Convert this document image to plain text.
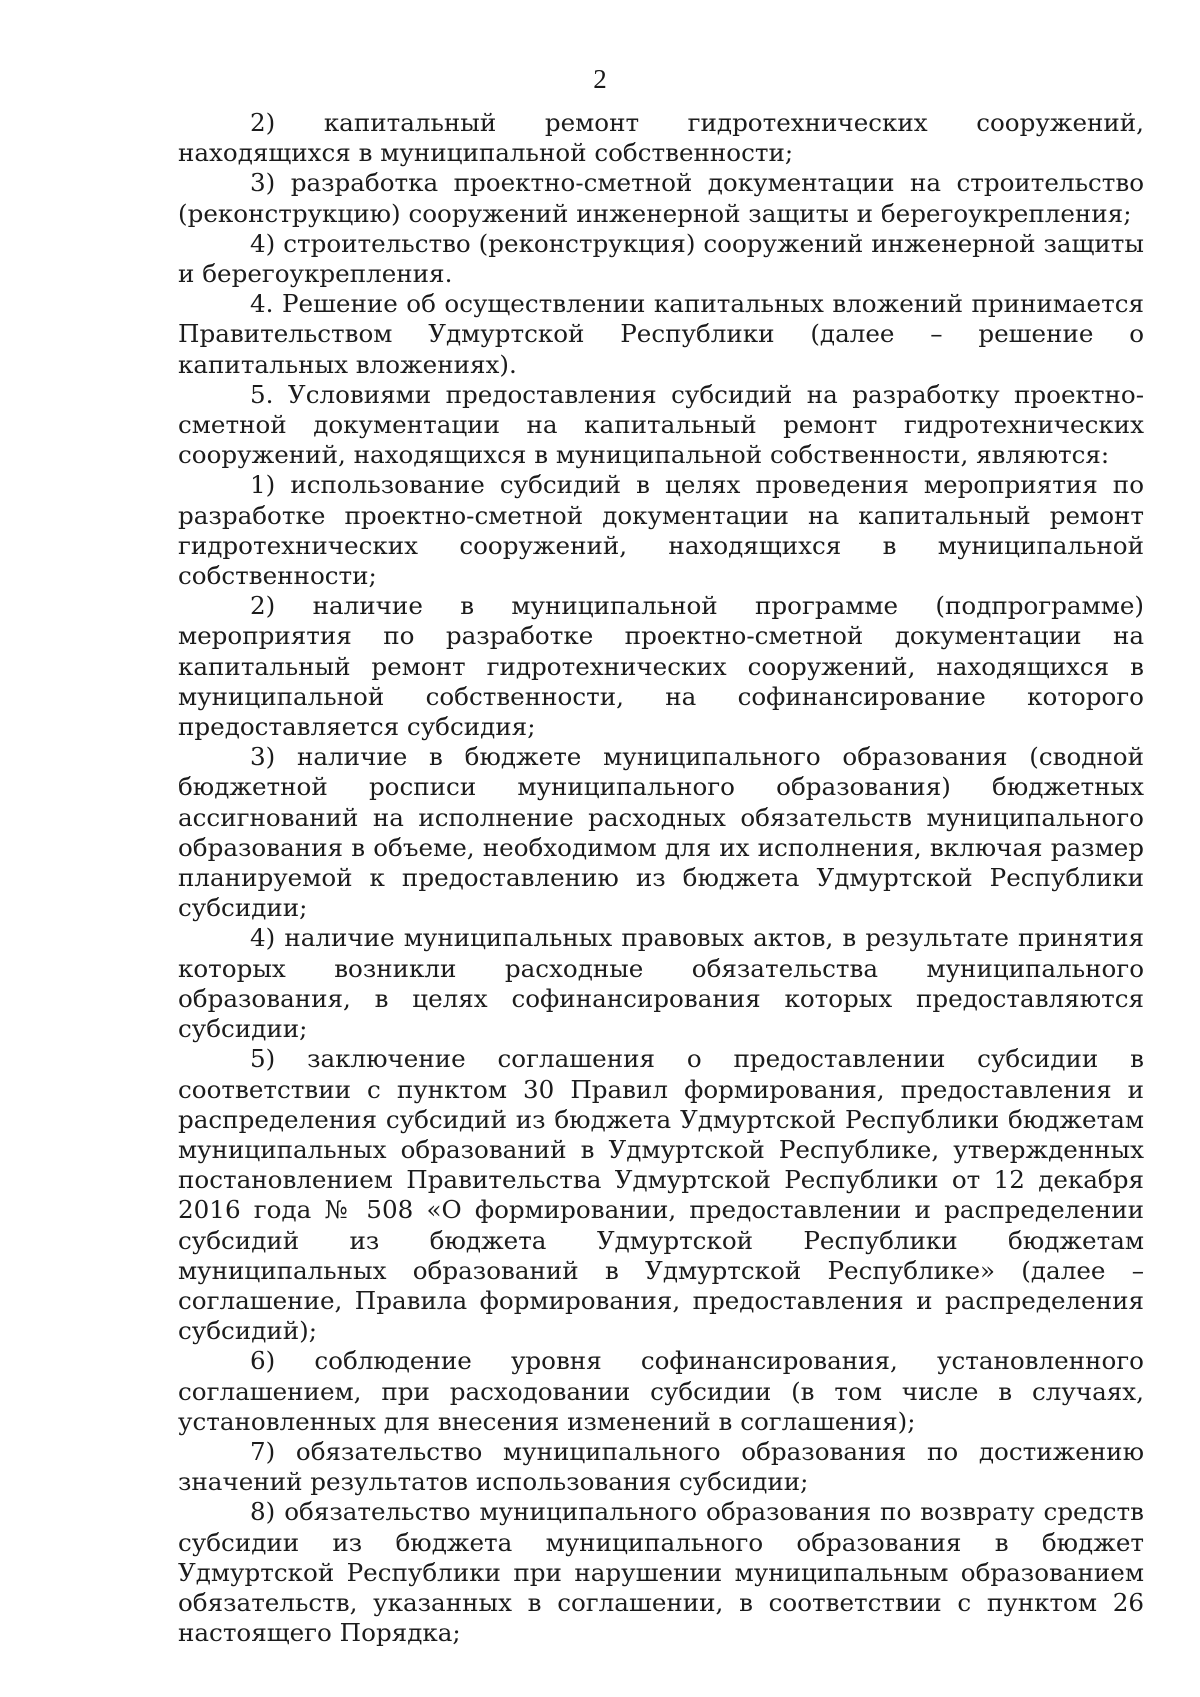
2

2) капитальный ремонт гидротехнических сооружений, находящихся в муниципальной собственности;

3) разработка проектно-сметной документации на строительство (реконструкцию) сооружений инженерной защиты и берегоукрепления;

4) строительство (реконструкция) сооружений инженерной защиты и берегоукрепления.

4. Решение об осуществлении капитальных вложений принимается Правительством Удмуртской Республики (далее – решение о капитальных вложениях).

5. Условиями предоставления субсидий на разработку проектно-сметной документации на капитальный ремонт гидротехнических сооружений, находящихся в муниципальной собственности, являются:

1) использование субсидий в целях проведения мероприятия по разработке проектно-сметной документации на капитальный ремонт гидротехнических сооружений, находящихся в муниципальной собственности;

2) наличие в муниципальной программе (подпрограмме) мероприятия по разработке проектно-сметной документации на капитальный ремонт гидротехнических сооружений, находящихся в муниципальной собственности, на софинансирование которого предоставляется субсидия;

3) наличие в бюджете муниципального образования (сводной бюджетной росписи муниципального образования) бюджетных ассигнований на исполнение расходных обязательств муниципального образования в объеме, необходимом для их исполнения, включая размер планируемой к предоставлению из бюджета Удмуртской Республики субсидии;

4) наличие муниципальных правовых актов, в результате принятия которых возникли расходные обязательства муниципального образования, в целях софинансирования которых предоставляются субсидии;

5) заключение соглашения о предоставлении субсидии в соответствии с пунктом 30 Правил формирования, предоставления и распределения субсидий из бюджета Удмуртской Республики бюджетам муниципальных образований в Удмуртской Республике, утвержденных постановлением Правительства Удмуртской Республики от 12 декабря 2016 года № 508 «О формировании, предоставлении и распределении субсидий из бюджета Удмуртской Республики бюджетам муниципальных образований в Удмуртской Республике» (далее – соглашение, Правила формирования, предоставления и распределения субсидий);

6) соблюдение уровня софинансирования, установленного соглашением, при расходовании субсидии (в том числе в случаях, установленных для внесения изменений в соглашения);

7) обязательство муниципального образования по достижению значений результатов использования субсидии;

8) обязательство муниципального образования по возврату средств субсидии из бюджета муниципального образования в бюджет Удмуртской Республики при нарушении муниципальным образованием обязательств, указанных в соглашении, в соответствии с пунктом 26 настоящего Порядка;
